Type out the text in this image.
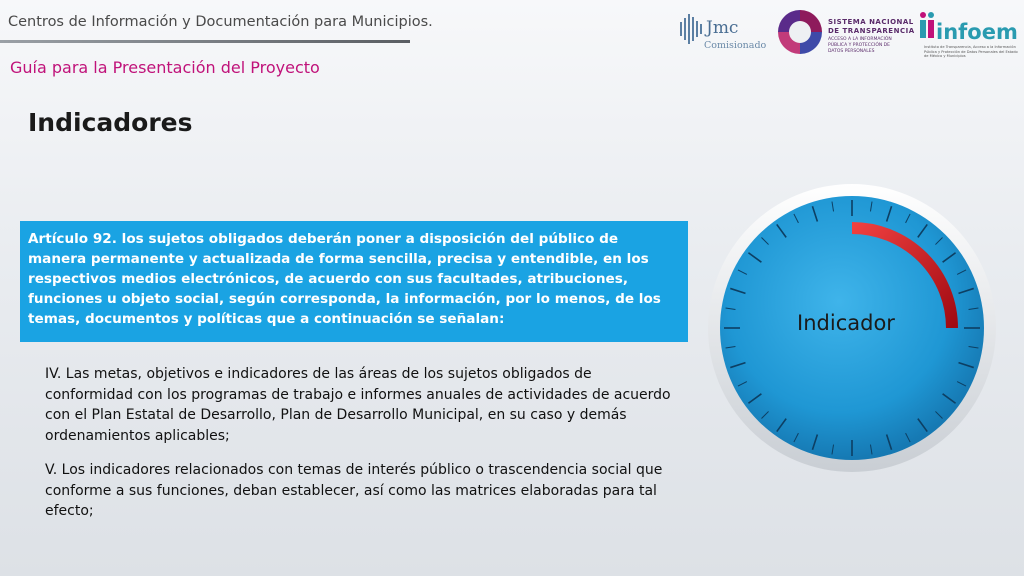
Centros de Información y Documentación para Municipios.
Guía para la Presentación del Proyecto
Jmc
Comisionado
SISTEMA NACIONAL
DE TRANSPARENCIA
ACCESO A LA INFORMACIÓN PÚBLICA Y PROTECCIÓN DE DATOS PERSONALES
infoem
Instituto de Transparencia, Acceso a la Información Pública y Protección de Datos Personales del Estado de México y Municipios
Indicadores
Artículo 92. los sujetos obligados deberán poner a disposición del público de manera permanente y actualizada de forma sencilla, precisa y entendible, en los respectivos medios electrónicos, de acuerdo con sus facultades, atribuciones, funciones u objeto social, según corresponda, la información, por lo menos, de los temas, documentos y políticas que a continuación se señalan:

IV. Las metas, objetivos e indicadores de las áreas de los sujetos obligados de conformidad con los programas de trabajo e informes anuales de actividades de acuerdo con el Plan Estatal de Desarrollo, Plan de Desarrollo Municipal, en su caso y demás ordenamientos aplicables;

V. Los indicadores relacionados con temas de interés público o trascendencia social que conforme a sus funciones, deban establecer, así como las matrices elaboradas para tal efecto;

Indicador
